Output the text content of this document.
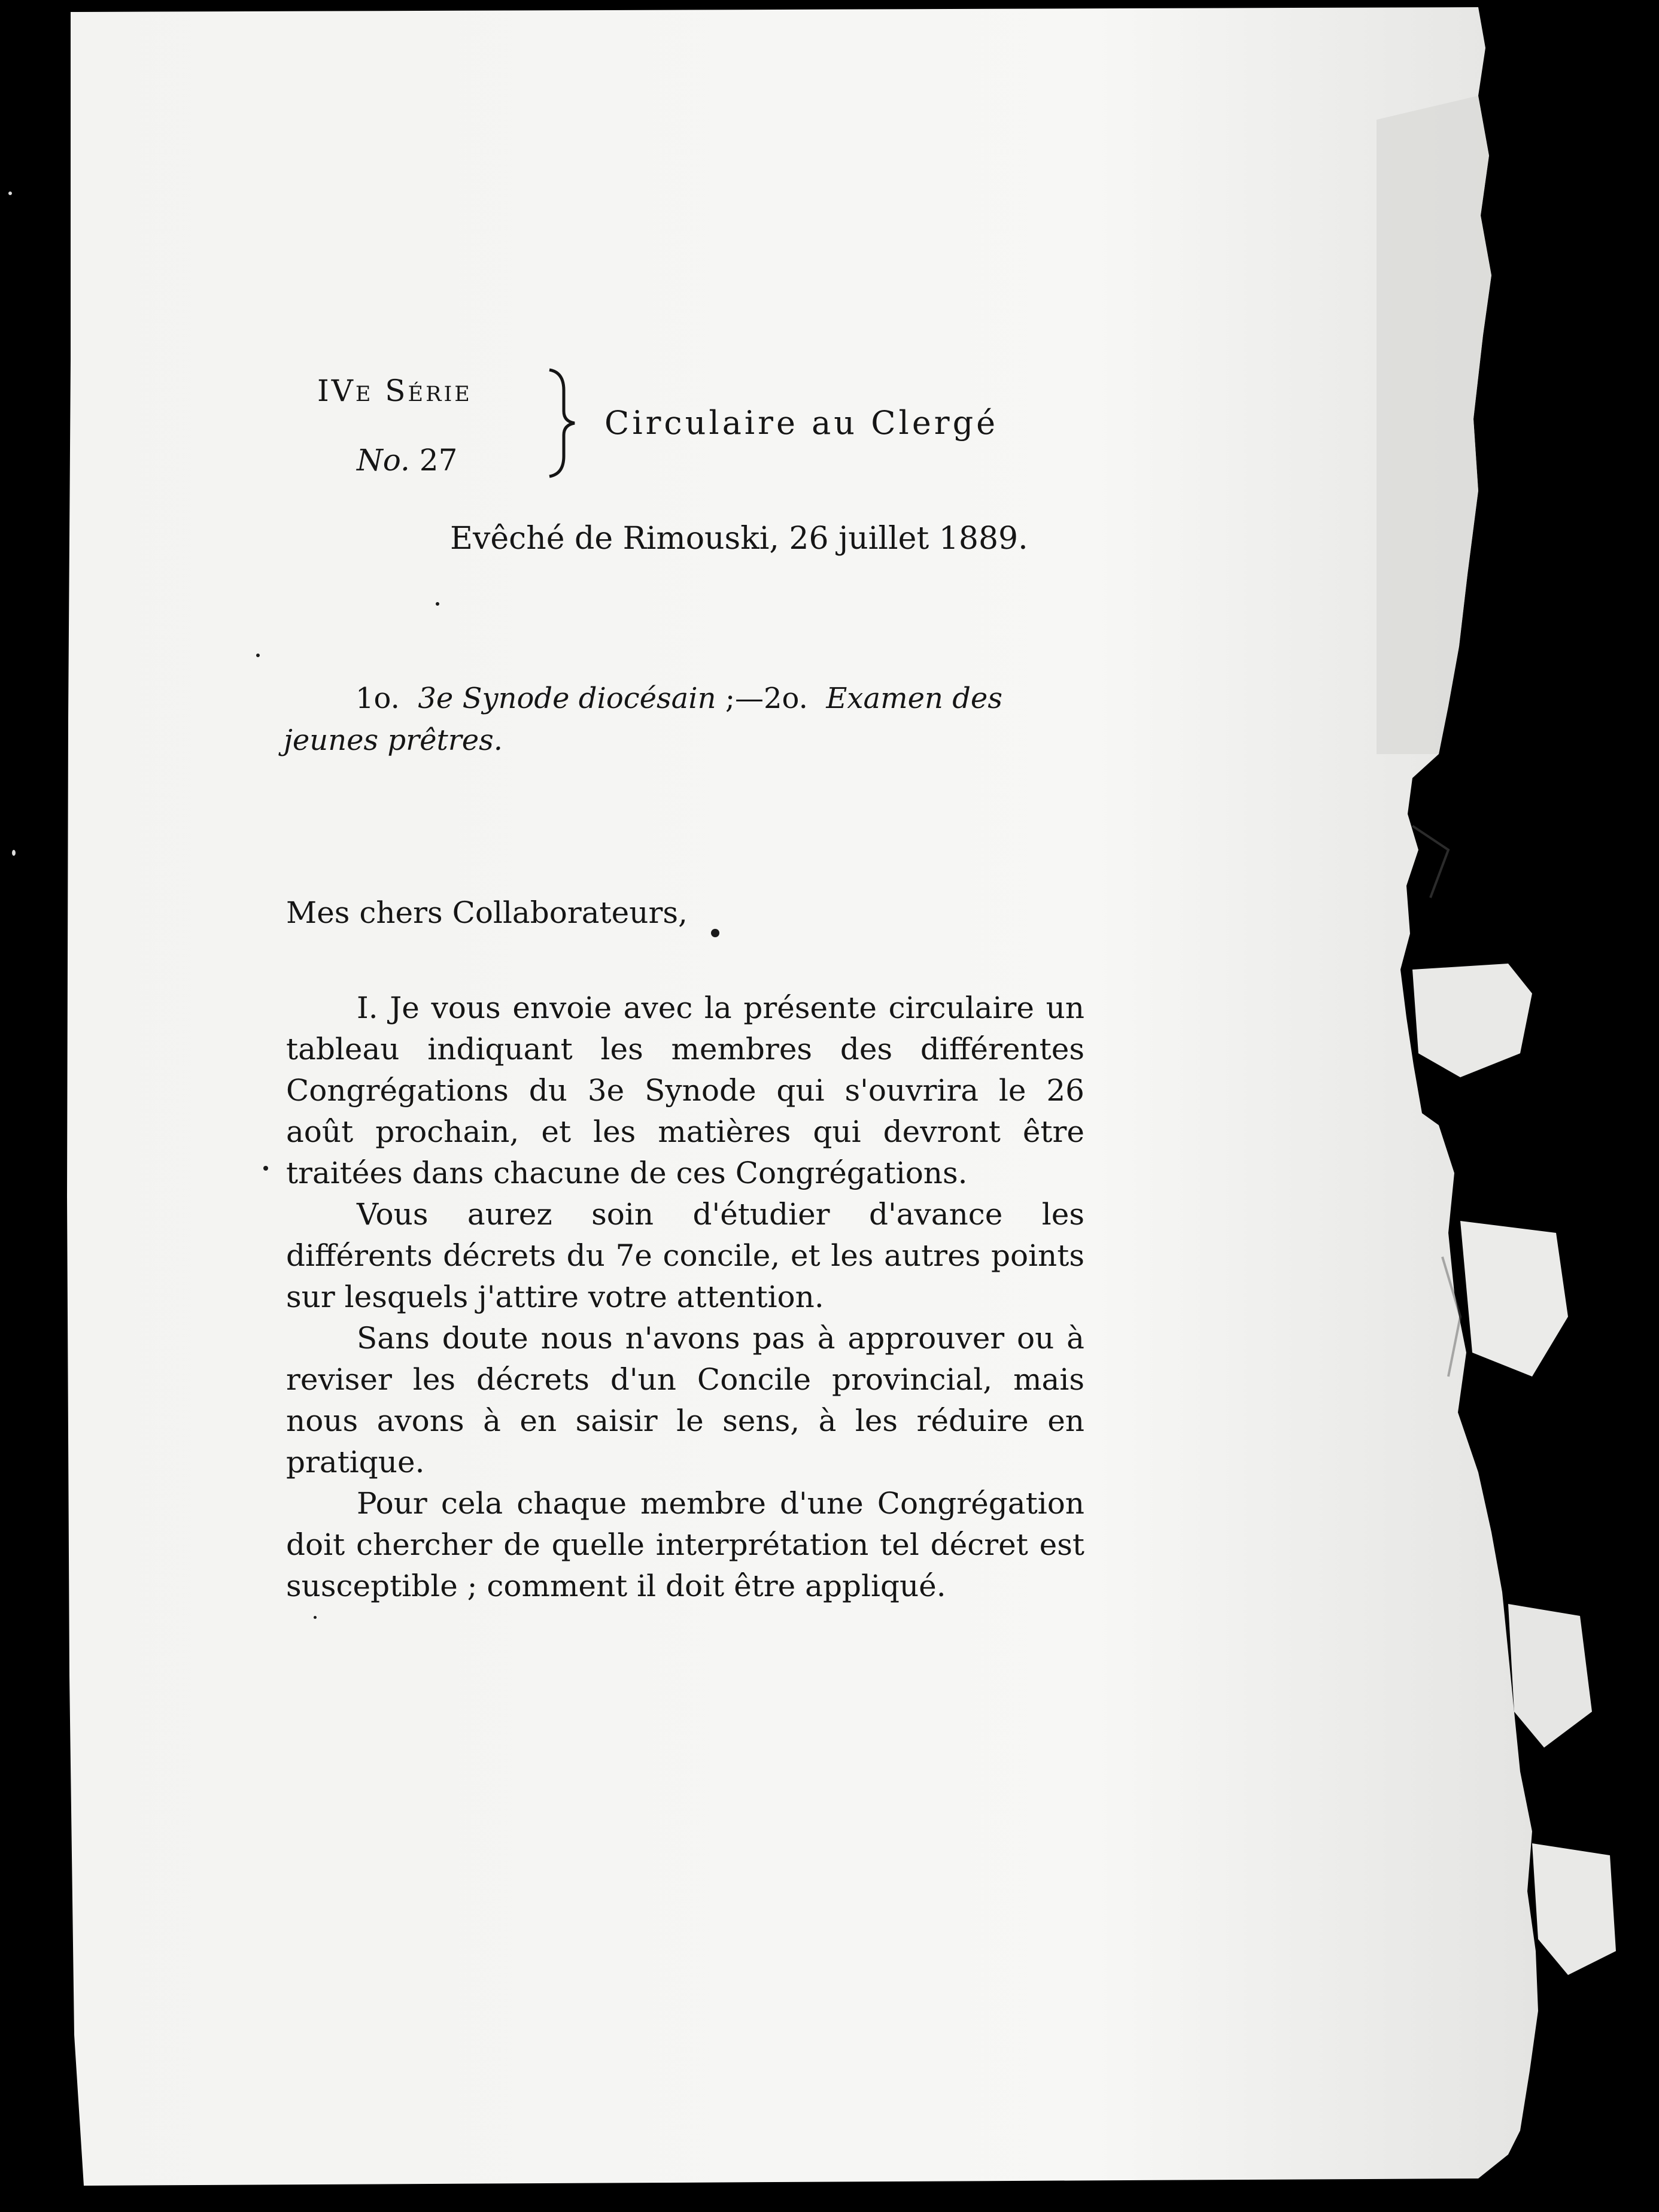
IVe Série
No. 27
Circulaire au Clergé
Evêché de Rimouski, 26 juillet 1889.
1o. 3e Synode diocésain ;—2o. Examen des jeunes prêtres.
Mes chers Collaborateurs,

I. Je vous envoie avec la présente circulaire un tableau indiquant les membres des différentes Congrégations du 3e Synode qui s'ouvrira le 26 août prochain, et les matières qui devront être traitées dans chacune de ces Congrégations.

Vous aurez soin d'étudier d'avance les différents décrets du 7e concile, et les autres points sur lesquels j'attire votre attention.

Sans doute nous n'avons pas à approuver ou à reviser les décrets d'un Concile provincial, mais nous avons à en saisir le sens, à les réduire en pratique.

Pour cela chaque membre d'une Congrégation doit chercher de quelle interprétation tel décret est susceptible ; comment il doit être appliqué.
